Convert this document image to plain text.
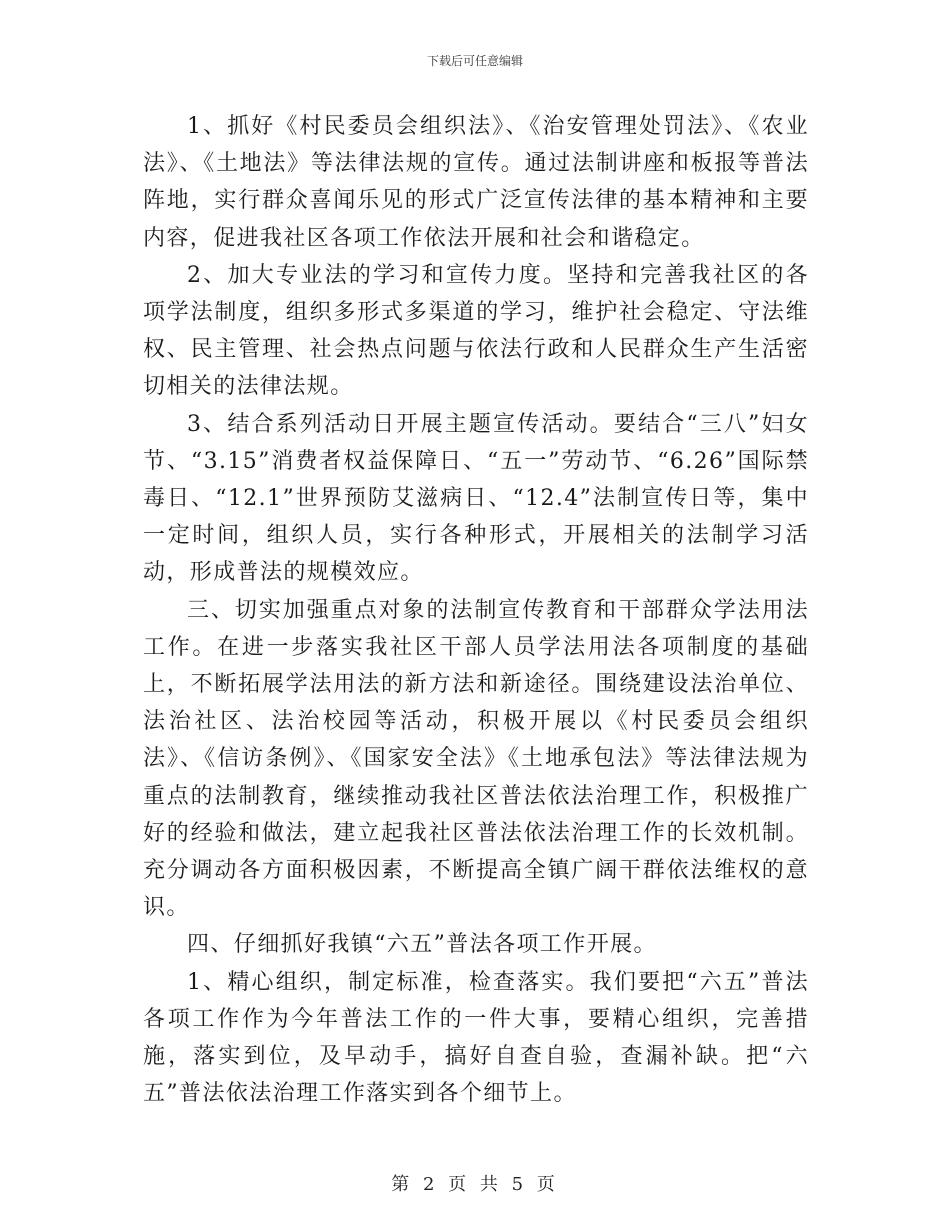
下载后可任意编辑

1、抓好《村民委员会组织法》、《治安管理处罚法》、《农业法》、《土地法》等法律法规的宣传。通过法制讲座和板报等普法阵地，实行群众喜闻乐见的形式广泛宣传法律的基本精神和主要内容，促进我社区各项工作依法开展和社会和谐稳定。

2、加大专业法的学习和宣传力度。坚持和完善我社区的各项学法制度，组织多形式多渠道的学习，维护社会稳定、守法维权、民主管理、社会热点问题与依法行政和人民群众生产生活密切相关的法律法规。

3、结合系列活动日开展主题宣传活动。要结合“三八”妇女节、“3.15”消费者权益保障日、“五一”劳动节、“6.26”国际禁毒日、“12.1”世界预防艾滋病日、“12.4”法制宣传日等，集中一定时间，组织人员，实行各种形式，开展相关的法制学习活动，形成普法的规模效应。

三、切实加强重点对象的法制宣传教育和干部群众学法用法工作。在进一步落实我社区干部人员学法用法各项制度的基础上，不断拓展学法用法的新方法和新途径。围绕建设法治单位、法治社区、法治校园等活动，积极开展以《村民委员会组织法》、《信访条例》、《国家安全法》《土地承包法》等法律法规为重点的法制教育，继续推动我社区普法依法治理工作，积极推广好的经验和做法，建立起我社区普法依法治理工作的长效机制。充分调动各方面积极因素，不断提高全镇广阔干群依法维权的意识。

四、仔细抓好我镇“六五”普法各项工作开展。

1、精心组织，制定标准，检查落实。我们要把“六五”普法各项工作作为今年普法工作的一件大事，要精心组织，完善措施，落实到位，及早动手，搞好自查自验，查漏补缺。把“六五”普法依法治理工作落实到各个细节上。

第 2 页 共 5 页
